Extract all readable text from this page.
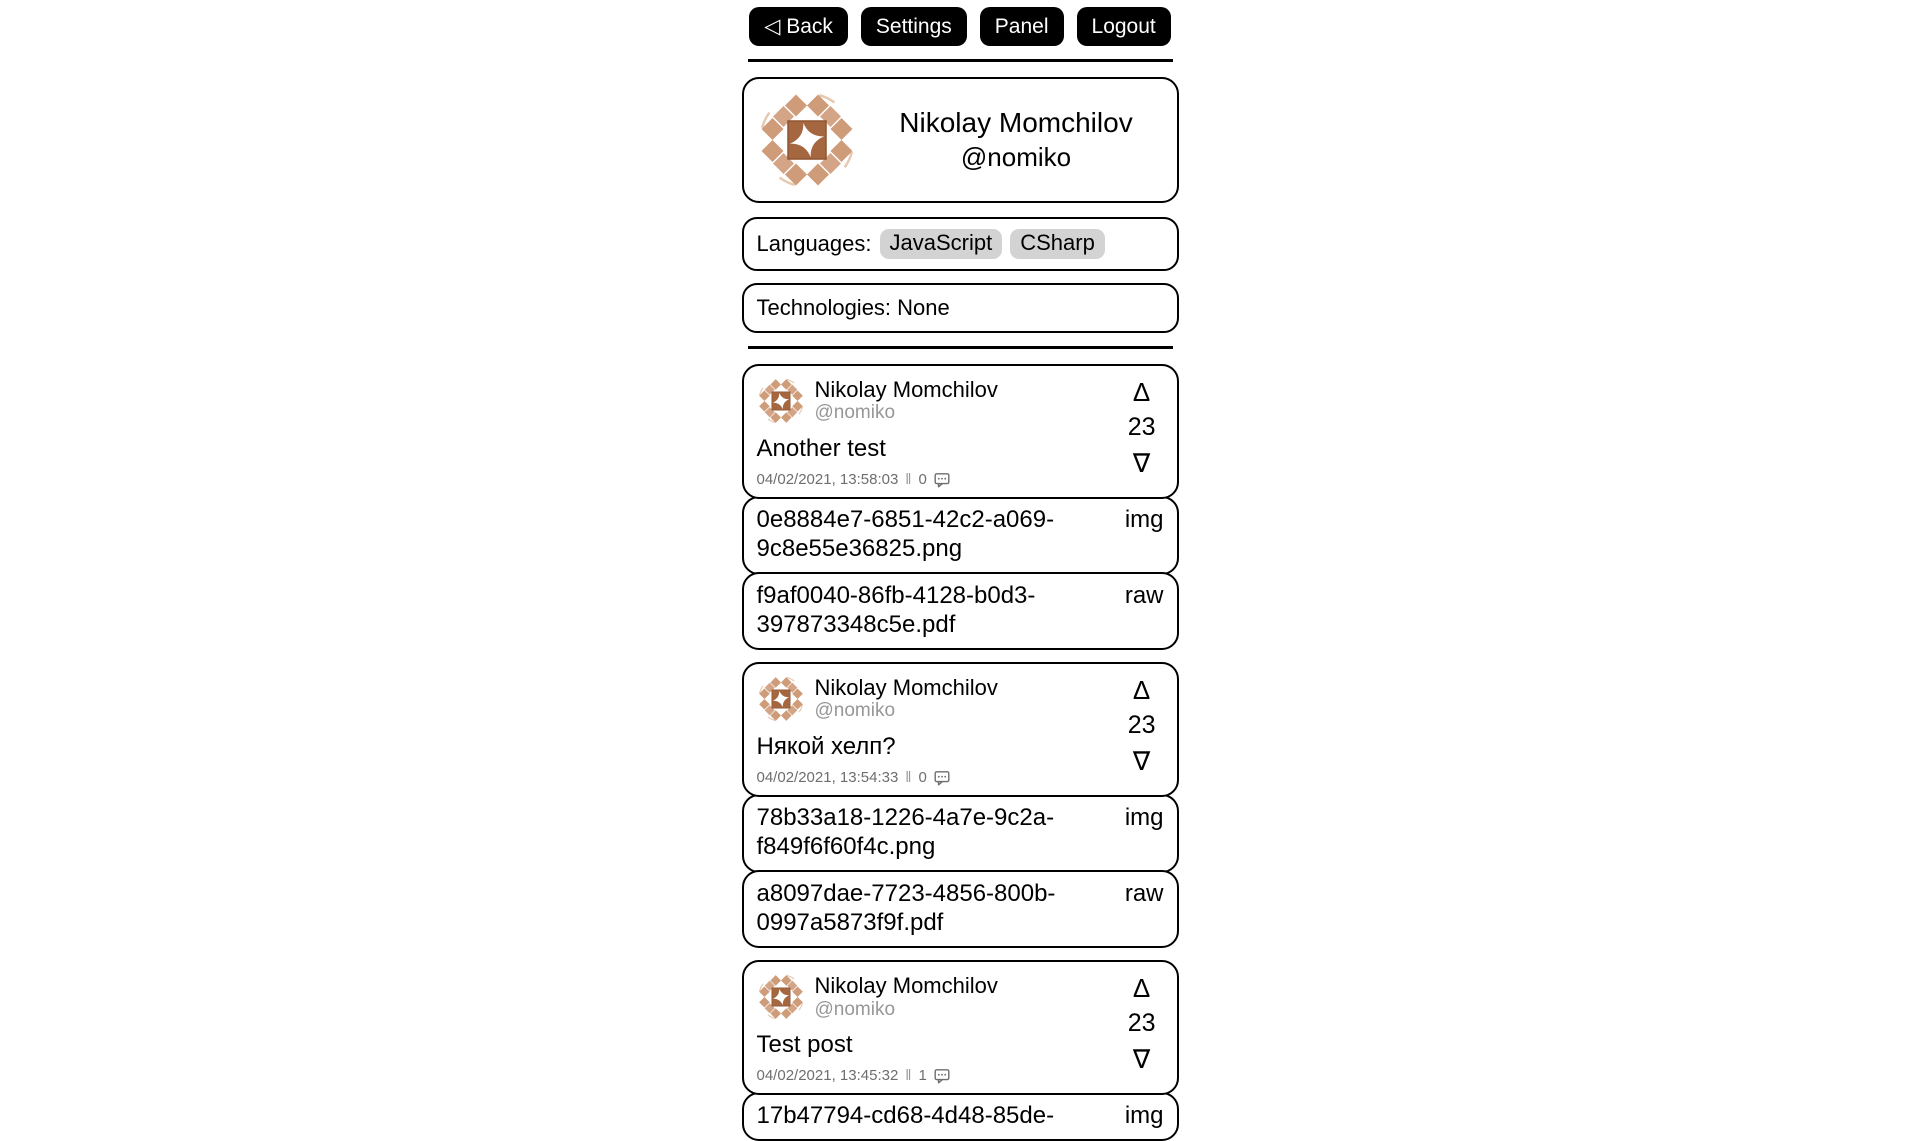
◁ Back	Settings	Panel	Logout
Nikolay Momchilov
@nomiko
Languages: JavaScript	CSharp
Technologies: None
Nikolay Momchilov
@nomiko
Δ
23
∇
Another test
04/02/2021, 13:58:03 ‖ 0
0e8884e7-6851-42c2-a069-9c8e55e36825.png
img
f9af0040-86fb-4128-b0d3-397873348c5e.pdf
raw
Nikolay Momchilov
@nomiko
Δ
23
∇
Някой хелп?
04/02/2021, 13:54:33 ‖ 0
78b33a18-1226-4a7e-9c2a-f849f6f60f4c.png
img
a8097dae-7723-4856-800b-0997a5873f9f.pdf
raw
Nikolay Momchilov
@nomiko
Δ
23
∇
Test post
04/02/2021, 13:45:32 ‖ 1
17b47794-cd68-4d48-85de-	img
